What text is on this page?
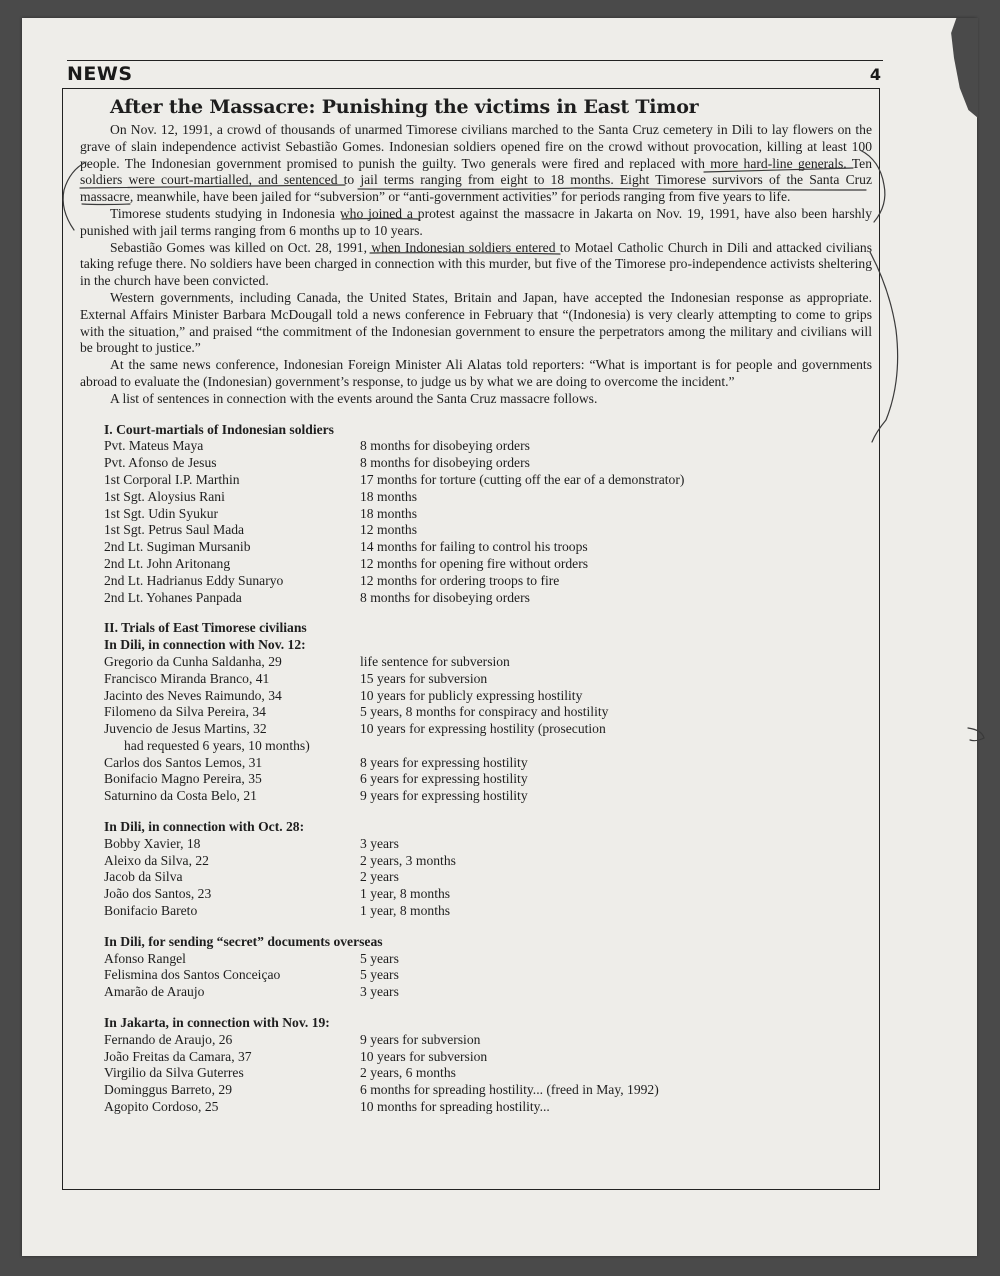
NEWS	4
After the Massacre: Punishing the victims in East Timor

On Nov. 12, 1991, a crowd of thousands of unarmed Timorese civilians marched to the Santa Cruz cemetery in Dili to lay flowers on the grave of slain independence activist Sebastião Gomes. Indonesian soldiers opened fire on the crowd without provocation, killing at least 100 people. The Indonesian government promised to punish the guilty. Two generals were fired and replaced with more hard-line generals. Ten soldiers were court-martialled, and sentenced to jail terms ranging from eight to 18 months. Eight Timorese survivors of the Santa Cruz massacre, meanwhile, have been jailed for “subversion” or “anti-government activities” for periods ranging from five years to life.

Timorese students studying in Indonesia who joined a protest against the massacre in Jakarta on Nov. 19, 1991, have also been harshly punished with jail terms ranging from 6 months up to 10 years.

Sebastião Gomes was killed on Oct. 28, 1991, when Indonesian soldiers entered to Motael Catholic Church in Dili and attacked civilians taking refuge there. No soldiers have been charged in connection with this murder, but five of the Timorese pro-independence activists sheltering in the church have been convicted.

Western governments, including Canada, the United States, Britain and Japan, have accepted the Indonesian response as appropriate. External Affairs Minister Barbara McDougall told a news conference in February that “(Indonesia) is very clearly attempting to come to grips with the situation,” and praised “the commitment of the Indonesian government to ensure the perpetrators among the military and civilians will be brought to justice.”

At the same news conference, Indonesian Foreign Minister Ali Alatas told reporters: “What is important is for people and governments abroad to evaluate the (Indonesian) government’s response, to judge us by what we are doing to overcome the incident.”

A list of sentences in connection with the events around the Santa Cruz massacre follows.

I. Court-martials of Indonesian soldiers
Pvt. Mateus Maya	8 months for disobeying orders
Pvt. Afonso de Jesus	8 months for disobeying orders
1st Corporal I.P. Marthin	17 months for torture (cutting off the ear of a demonstrator)
1st Sgt. Aloysius Rani	18 months
1st Sgt. Udin Syukur	18 months
1st Sgt. Petrus Saul Mada	12 months
2nd Lt. Sugiman Mursanib	14 months for failing to control his troops
2nd Lt. John Aritonang	12 months for opening fire without orders
2nd Lt. Hadrianus Eddy Sunaryo	12 months for ordering troops to fire
2nd Lt. Yohanes Panpada	8 months for disobeying orders
II. Trials of East Timorese civilians
In Dili, in connection with Nov. 12:
Gregorio da Cunha Saldanha, 29	life sentence for subversion
Francisco Miranda Branco, 41	15 years for subversion
Jacinto des Neves Raimundo, 34	10 years for publicly expressing hostility
Filomeno da Silva Pereira, 34	5 years, 8 months for conspiracy and hostility
Juvencio de Jesus Martins, 32	10 years for expressing hostility (prosecution
had requested 6 years, 10 months)
Carlos dos Santos Lemos, 31	8 years for expressing hostility
Bonifacio Magno Pereira, 35	6 years for expressing hostility
Saturnino da Costa Belo, 21	9 years for expressing hostility
In Dili, in connection with Oct. 28:
Bobby Xavier, 18	3 years
Aleixo da Silva, 22	2 years, 3 months
Jacob da Silva	2 years
João dos Santos, 23	1 year, 8 months
Bonifacio Bareto	1 year, 8 months
In Dili, for sending “secret” documents overseas
Afonso Rangel	5 years
Felismina dos Santos Conceiçao	5 years
Amarão de Araujo	3 years
In Jakarta, in connection with Nov. 19:
Fernando de Araujo, 26	9 years for subversion
João Freitas da Camara, 37	10 years for subversion
Virgilio da Silva Guterres	2 years, 6 months
Dominggus Barreto, 29	6 months for spreading hostility... (freed in May, 1992)
Agopito Cordoso, 25	10 months for spreading hostility...
